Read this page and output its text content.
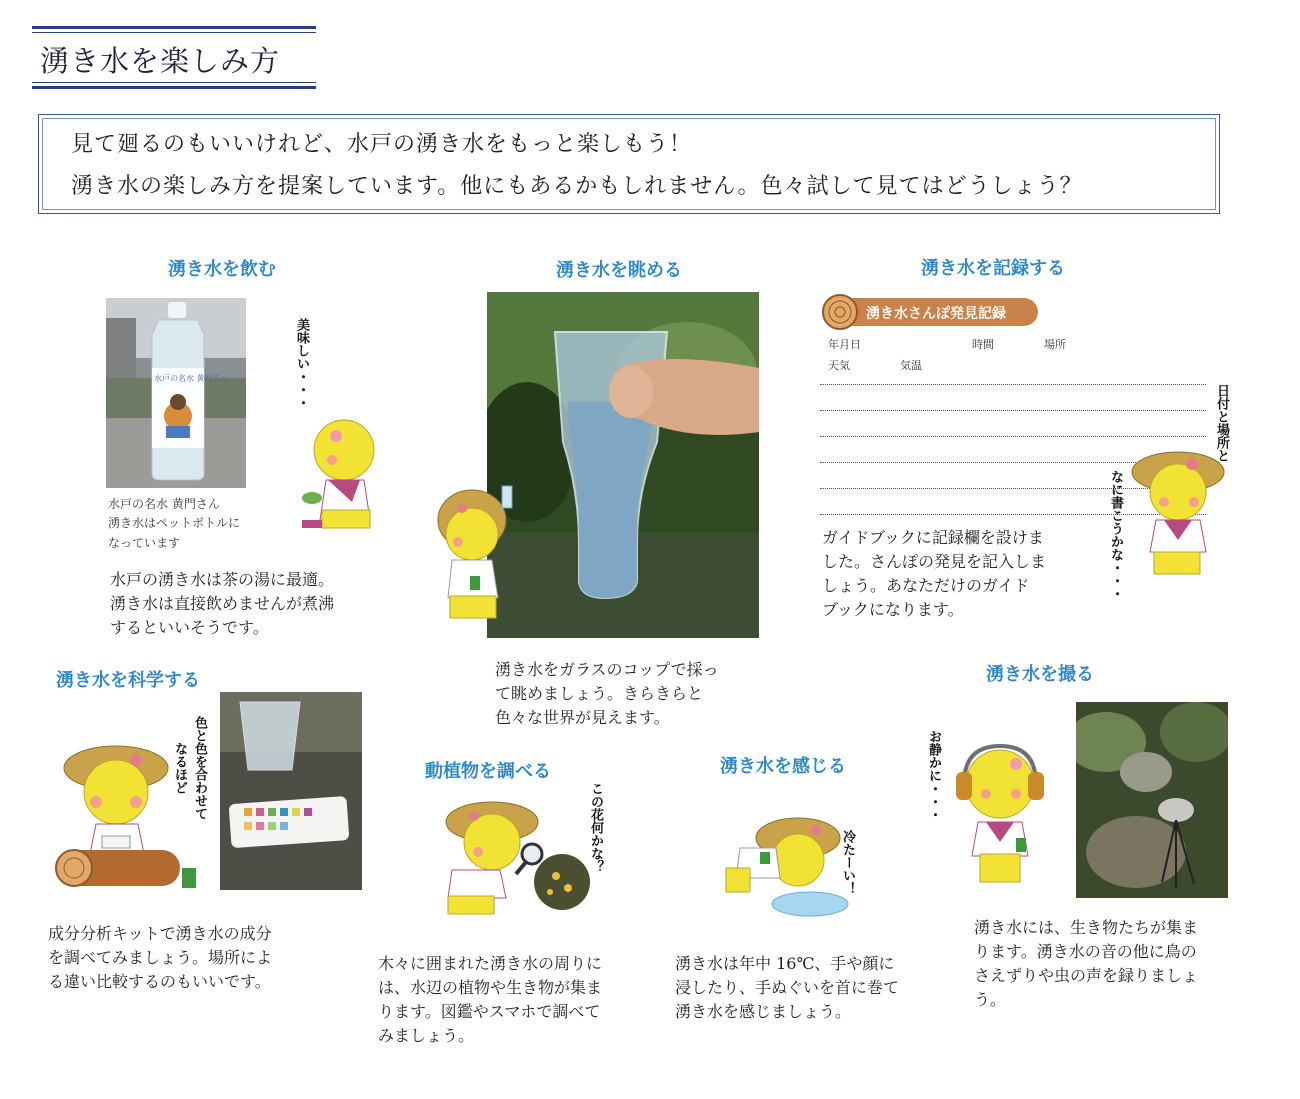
湧き水を楽しみ方
見て廻るのもいいけれど、水戸の湧き水をもっと楽しもう！
湧き水の楽しみ方を提案しています。他にもあるかもしれません。色々試して見てはどうしょう？
湧き水を飲む
水戸の名水 黄門さん
水戸の名水 黄門さん
湧き水はペットボトルに
なっています
美味しい・・・
水戸の湧き水は茶の湯に最適。
湧き水は直接飲めませんが煮沸
するといいそうです。
湧き水を眺める
湧き水をガラスのコップで採っ
て眺めましょう。きらきらと
色々な世界が見えます。
湧き水を記録する
湧き水さんぽ発見記録
年月日	時間	場所
天気	気温
日付と場所と
なに書こうかな・・・
ガイドブックに記録欄を設けま
した。さんぽの発見を記入しま
しょう。あなただけのガイド
ブックになります。
湧き水を科学する
色と色を合わせて
なるほど
成分分析キットで湧き水の成分
を調べてみましょう。場所によ
る違い比較するのもいいです。
動植物を調べる
この花何かな？
木々に囲まれた湧き水の周りに
は、水辺の植物や生き物が集ま
ります。図鑑やスマホで調べて
みましょう。
湧き水を感じる
冷たーい！
湧き水は年中 16℃、手や顔に
浸したり、手ぬぐいを首に巻て
湧き水を感じましょう。
湧き水を撮る
お静かに・・・
湧き水には、生き物たちが集ま
ります。湧き水の音の他に鳥の
さえずりや虫の声を録りましょ
う。
